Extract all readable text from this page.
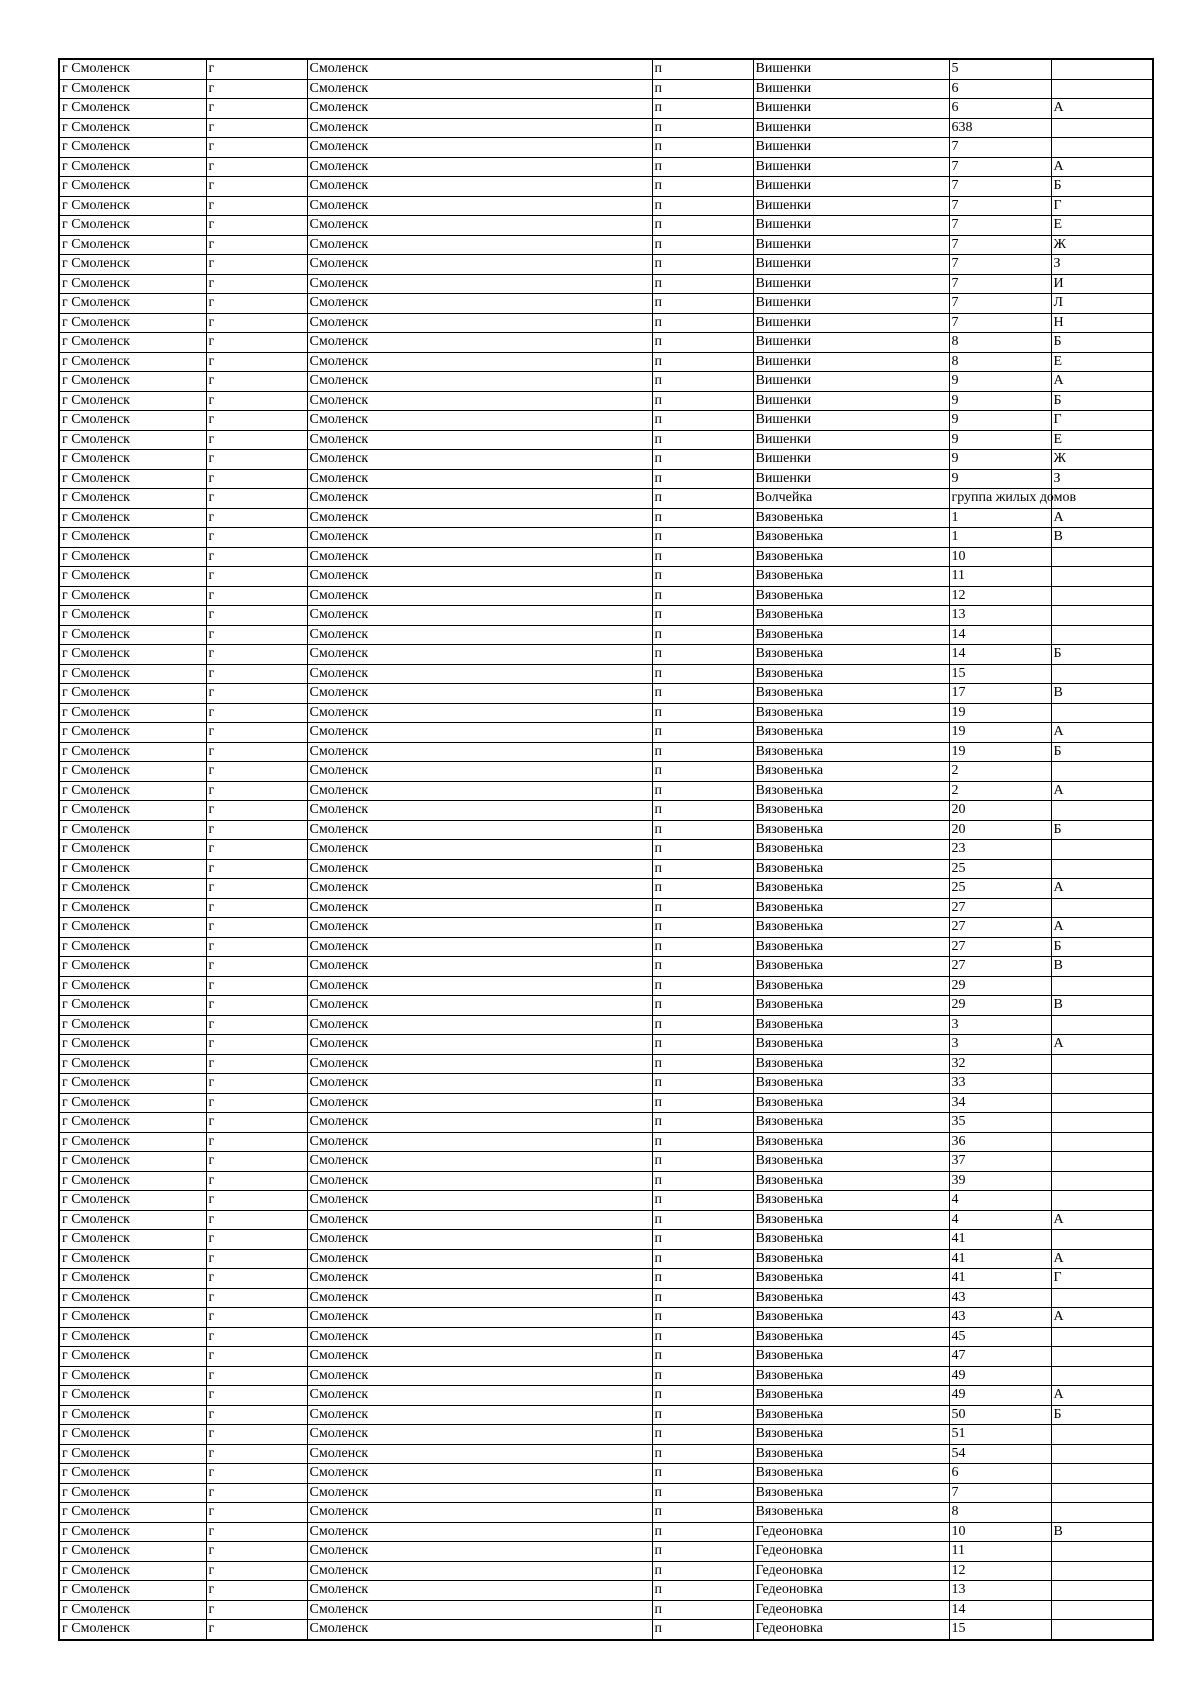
г Смоленск	г	Смоленск	п	Вишенки	5	
г Смоленск	г	Смоленск	п	Вишенки	6	
г Смоленск	г	Смоленск	п	Вишенки	6	А
г Смоленск	г	Смоленск	п	Вишенки	638	
г Смоленск	г	Смоленск	п	Вишенки	7	
г Смоленск	г	Смоленск	п	Вишенки	7	А
г Смоленск	г	Смоленск	п	Вишенки	7	Б
г Смоленск	г	Смоленск	п	Вишенки	7	Г
г Смоленск	г	Смоленск	п	Вишенки	7	Е
г Смоленск	г	Смоленск	п	Вишенки	7	Ж
г Смоленск	г	Смоленск	п	Вишенки	7	З
г Смоленск	г	Смоленск	п	Вишенки	7	И
г Смоленск	г	Смоленск	п	Вишенки	7	Л
г Смоленск	г	Смоленск	п	Вишенки	7	Н
г Смоленск	г	Смоленск	п	Вишенки	8	Б
г Смоленск	г	Смоленск	п	Вишенки	8	Е
г Смоленск	г	Смоленск	п	Вишенки	9	А
г Смоленск	г	Смоленск	п	Вишенки	9	Б
г Смоленск	г	Смоленск	п	Вишенки	9	Г
г Смоленск	г	Смоленск	п	Вишенки	9	Е
г Смоленск	г	Смоленск	п	Вишенки	9	Ж
г Смоленск	г	Смоленск	п	Вишенки	9	З
г Смоленск	г	Смоленск	п	Волчейка	группа жилых домов	
г Смоленск	г	Смоленск	п	Вязовенька	1	А
г Смоленск	г	Смоленск	п	Вязовенька	1	В
г Смоленск	г	Смоленск	п	Вязовенька	10	
г Смоленск	г	Смоленск	п	Вязовенька	11	
г Смоленск	г	Смоленск	п	Вязовенька	12	
г Смоленск	г	Смоленск	п	Вязовенька	13	
г Смоленск	г	Смоленск	п	Вязовенька	14	
г Смоленск	г	Смоленск	п	Вязовенька	14	Б
г Смоленск	г	Смоленск	п	Вязовенька	15	
г Смоленск	г	Смоленск	п	Вязовенька	17	В
г Смоленск	г	Смоленск	п	Вязовенька	19	
г Смоленск	г	Смоленск	п	Вязовенька	19	А
г Смоленск	г	Смоленск	п	Вязовенька	19	Б
г Смоленск	г	Смоленск	п	Вязовенька	2	
г Смоленск	г	Смоленск	п	Вязовенька	2	А
г Смоленск	г	Смоленск	п	Вязовенька	20	
г Смоленск	г	Смоленск	п	Вязовенька	20	Б
г Смоленск	г	Смоленск	п	Вязовенька	23	
г Смоленск	г	Смоленск	п	Вязовенька	25	
г Смоленск	г	Смоленск	п	Вязовенька	25	А
г Смоленск	г	Смоленск	п	Вязовенька	27	
г Смоленск	г	Смоленск	п	Вязовенька	27	А
г Смоленск	г	Смоленск	п	Вязовенька	27	Б
г Смоленск	г	Смоленск	п	Вязовенька	27	В
г Смоленск	г	Смоленск	п	Вязовенька	29	
г Смоленск	г	Смоленск	п	Вязовенька	29	В
г Смоленск	г	Смоленск	п	Вязовенька	3	
г Смоленск	г	Смоленск	п	Вязовенька	3	А
г Смоленск	г	Смоленск	п	Вязовенька	32	
г Смоленск	г	Смоленск	п	Вязовенька	33	
г Смоленск	г	Смоленск	п	Вязовенька	34	
г Смоленск	г	Смоленск	п	Вязовенька	35	
г Смоленск	г	Смоленск	п	Вязовенька	36	
г Смоленск	г	Смоленск	п	Вязовенька	37	
г Смоленск	г	Смоленск	п	Вязовенька	39	
г Смоленск	г	Смоленск	п	Вязовенька	4	
г Смоленск	г	Смоленск	п	Вязовенька	4	А
г Смоленск	г	Смоленск	п	Вязовенька	41	
г Смоленск	г	Смоленск	п	Вязовенька	41	А
г Смоленск	г	Смоленск	п	Вязовенька	41	Г
г Смоленск	г	Смоленск	п	Вязовенька	43	
г Смоленск	г	Смоленск	п	Вязовенька	43	А
г Смоленск	г	Смоленск	п	Вязовенька	45	
г Смоленск	г	Смоленск	п	Вязовенька	47	
г Смоленск	г	Смоленск	п	Вязовенька	49	
г Смоленск	г	Смоленск	п	Вязовенька	49	А
г Смоленск	г	Смоленск	п	Вязовенька	50	Б
г Смоленск	г	Смоленск	п	Вязовенька	51	
г Смоленск	г	Смоленск	п	Вязовенька	54	
г Смоленск	г	Смоленск	п	Вязовенька	6	
г Смоленск	г	Смоленск	п	Вязовенька	7	
г Смоленск	г	Смоленск	п	Вязовенька	8	
г Смоленск	г	Смоленск	п	Гедеоновка	10	В
г Смоленск	г	Смоленск	п	Гедеоновка	11	
г Смоленск	г	Смоленск	п	Гедеоновка	12	
г Смоленск	г	Смоленск	п	Гедеоновка	13	
г Смоленск	г	Смоленск	п	Гедеоновка	14	
г Смоленск	г	Смоленск	п	Гедеоновка	15	
